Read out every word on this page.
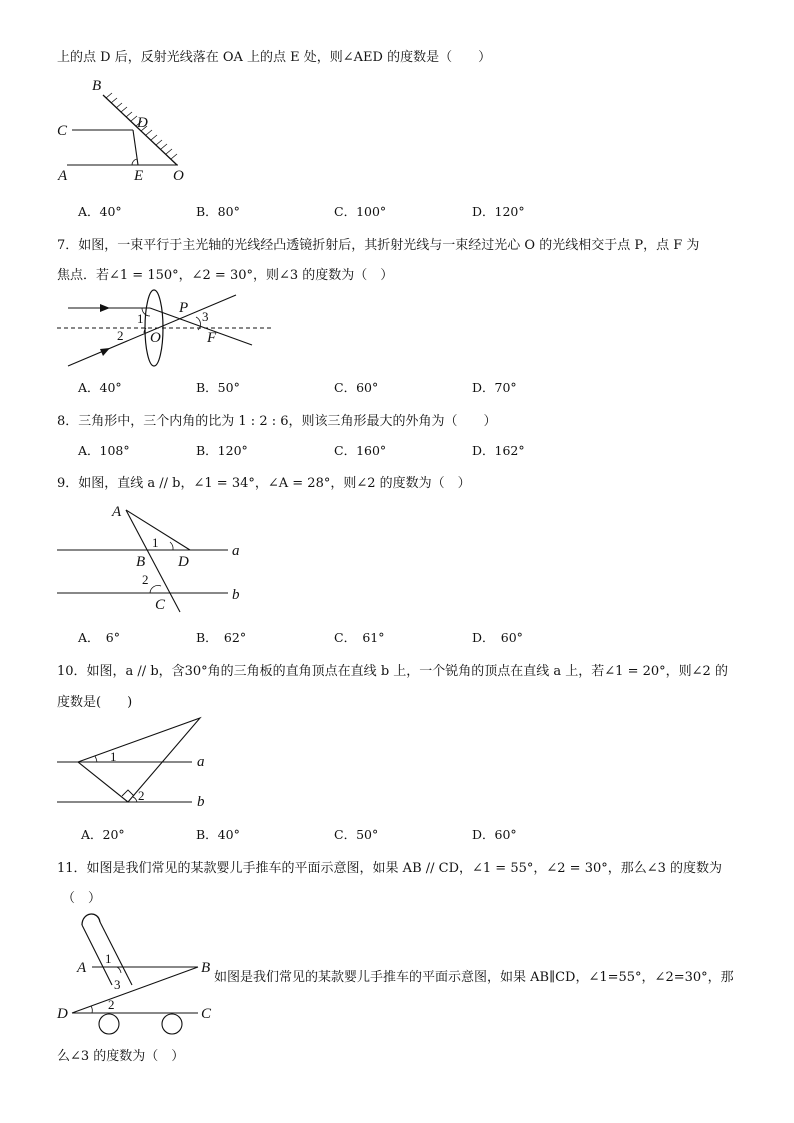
上的点 D 后，反射光线落在 OA 上的点 E 处，则∠AED 的度数是（　　）
B
C	D
A	E O
A．40°	B．80°	C．100°	D．120°
7．如图，一束平行于主光轴的光线经凸透镜折射后，其折射光线与一束经过光心 O 的光线相交于点 P，点 F 为
焦点．若∠1 = 150°，∠2 = 30°，则∠3 的度数为（　）
1
2
3
P
O	F
A．40°	B．50°	C．60°	D．70°
8．三角形中，三个内角的比为 1 : 2 : 6，则该三角形最大的外角为（　　）
A．108°	B．120°	C．160°	D．162°
9．如图，直线 a // b，∠1 = 34°，∠A = 28°，则∠2 的度数为（　）
A
1
D
a
B
2
C
b
A．　6°	B．　62°	C．　61°	D．　60°
10．如图，a // b，含30°角的三角板的直角顶点在直线 b 上，一个锐角的顶点在直线 a 上，若∠1 = 20°，则∠2 的
度数是(　　)
1	a
2	b
A．20°	B．40°	C．50°	D．60°
11．如图是我们常见的某款婴儿手推车的平面示意图，如果 AB // CD，∠1 = 55°，∠2 = 30°，那么∠3 的度数为
（　）
A	B
D	C
1
2
3	如图是我们常见的某款婴儿手推车的平面示意图，如果 AB∥CD，∠1=55°，∠2=30°，那
么∠3 的度数为（　）
